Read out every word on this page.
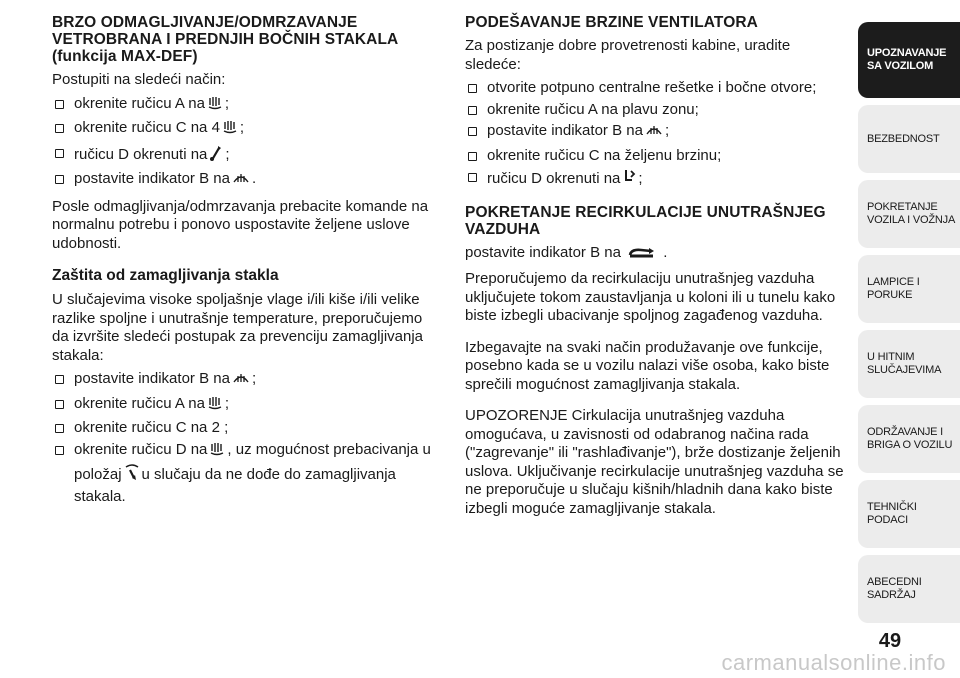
BRZO ODMAGLJIVANJE/ODMRZAVANJE VETROBRANA I PREDNJIH BOČNIH STAKALA (funkcija MAX-DEF)

Postupiti na sledeći način:

okrenite ručicu A na ;
okrenite ručicu C na 4 ;
ručicu D okrenuti na ;
postavite indikator B na .

Posle odmagljivanja/odmrzavanja prebacite komande na normalnu potrebu i ponovo uspostavite željene uslove udobnosti.

Zaštita od zamagljivanja stakla

U slučajevima visoke spoljašnje vlage i/ili kiše i/ili velike razlike spoljne i unutrašnje temperature, preporučujemo da izvršite sledeći postupak za prevenciju zamagljivanja stakala:

postavite indikator B na ;
okrenite ručicu A na ;
okrenite ručicu C na 2 ;
okrenite ručicu D na , uz mogućnost prebacivanja u položaj u slučaju da ne dođe do zamagljivanja stakala.
PODEŠAVANJE BRZINE VENTILATORA

Za postizanje dobre provetrenosti kabine, uradite sledeće:

otvorite potpuno centralne rešetke i bočne otvore;
okrenite ručicu A na plavu zonu;
postavite indikator B na ;
okrenite ručicu C na željenu brzinu;
ručicu D okrenuti na ;
POKRETANJE RECIRKULACIJE UNUTRAŠNJEG VAZDUHA

postavite indikator B na	.

Preporučujemo da recirkulaciju unutrašnjeg vazduha uključujete tokom zaustavljanja u koloni ili u tunelu kako biste izbegli ubacivanje spoljnog zagađenog vazduha.

Izbegavajte na svaki način produžavanje ove funkcije, posebno kada se u vozilu nalazi više osoba, kako biste sprečili mogućnost zamagljivanja stakala.

UPOZORENJE Cirkulacija unutrašnjeg vazduha omogućava, u zavisnosti od odabranog načina rada ("zagrevanje" ili "rashlađivanje"), brže dostizanje željenih uslova. Uključivanje recirkulacije unutrašnjeg vazduha se ne preporučuje u slučaju kišnih/hladnih dana kako biste izbegli moguće zamagljivanje stakala.

UPOZNAVANJE SA VOZILOM
BEZBEDNOST
POKRETANJE VOZILA I VOŽNJA
LAMPICE I PORUKE
U HITNIM SLUČAJEVIMA
ODRŽAVANJE I BRIGA O VOZILU
TEHNIČKI PODACI
ABECEDNI SADRŽAJ
49
carmanualsonline.info
